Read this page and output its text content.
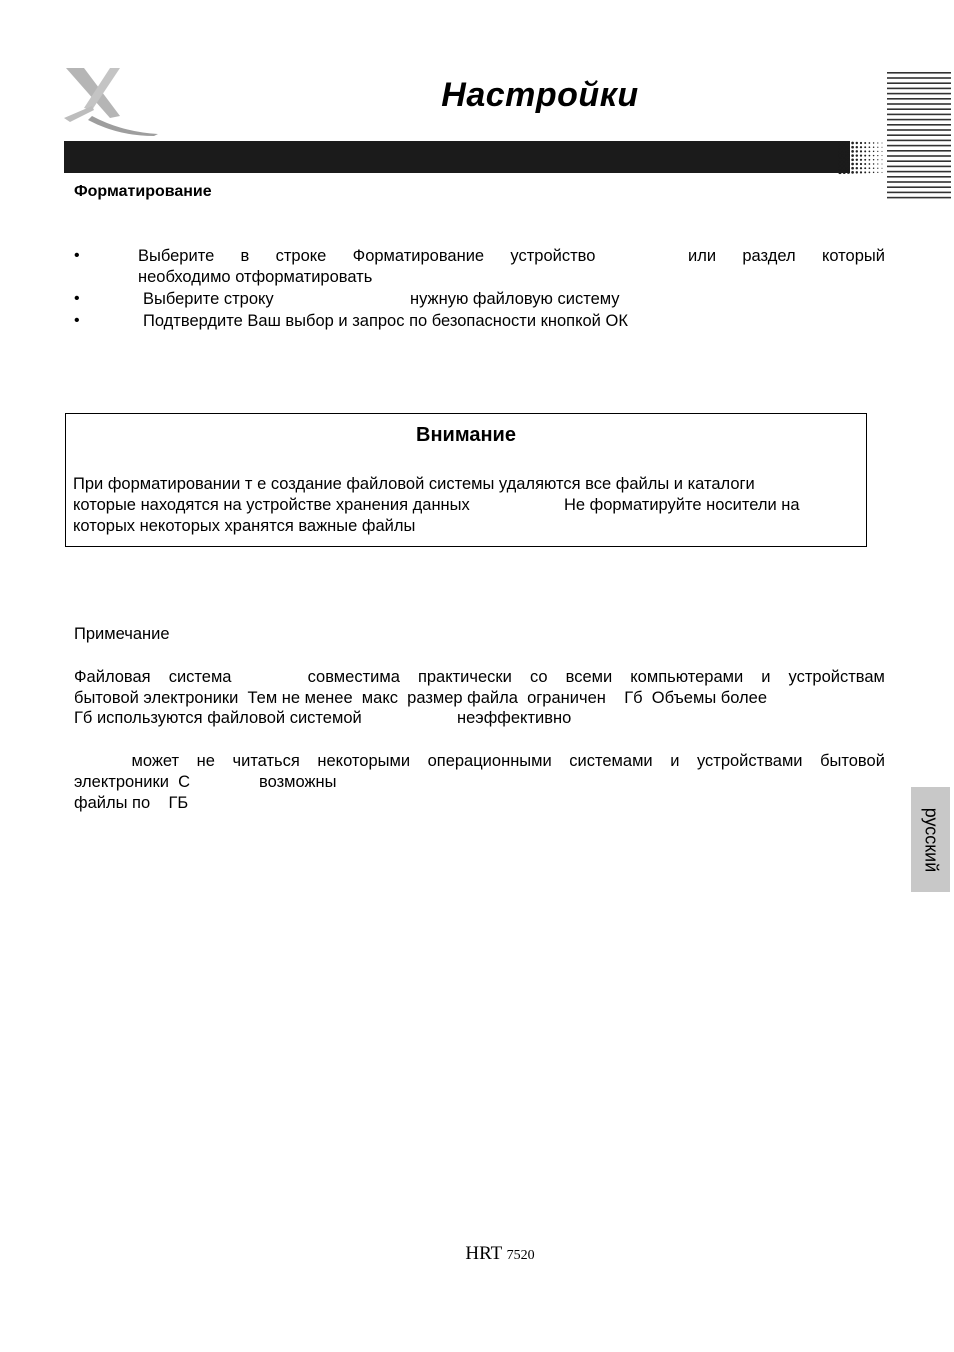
Настройки
Форматирование
•	Выберите в строке Форматирование устройство	или раздел который
необходимо отформатировать
•	Выберите строку	нужную файловую систему
•	Подтвердите Ваш выбор и запрос по безопасности кнопкой ОК
Внимание
При форматировании т е создание файловой системы удаляются все файлы и каталоги
которые находятся на устройстве хранения данных	Не форматируйте носители на
которых некоторых хранятся важные файлы
Примечание
Файловая система	совместима практически со всеми компьютерами и устройствам
бытовой электроники  Тем не менее  макс  размер файла  ограничен    Гб  Объемы более
Гб используются файловой системой	неэффективно
может не читаться некоторыми операционными системами и устройствами бытовой
электроники  С	возможны
файлы по    ГБ
русский
HRT 7520
